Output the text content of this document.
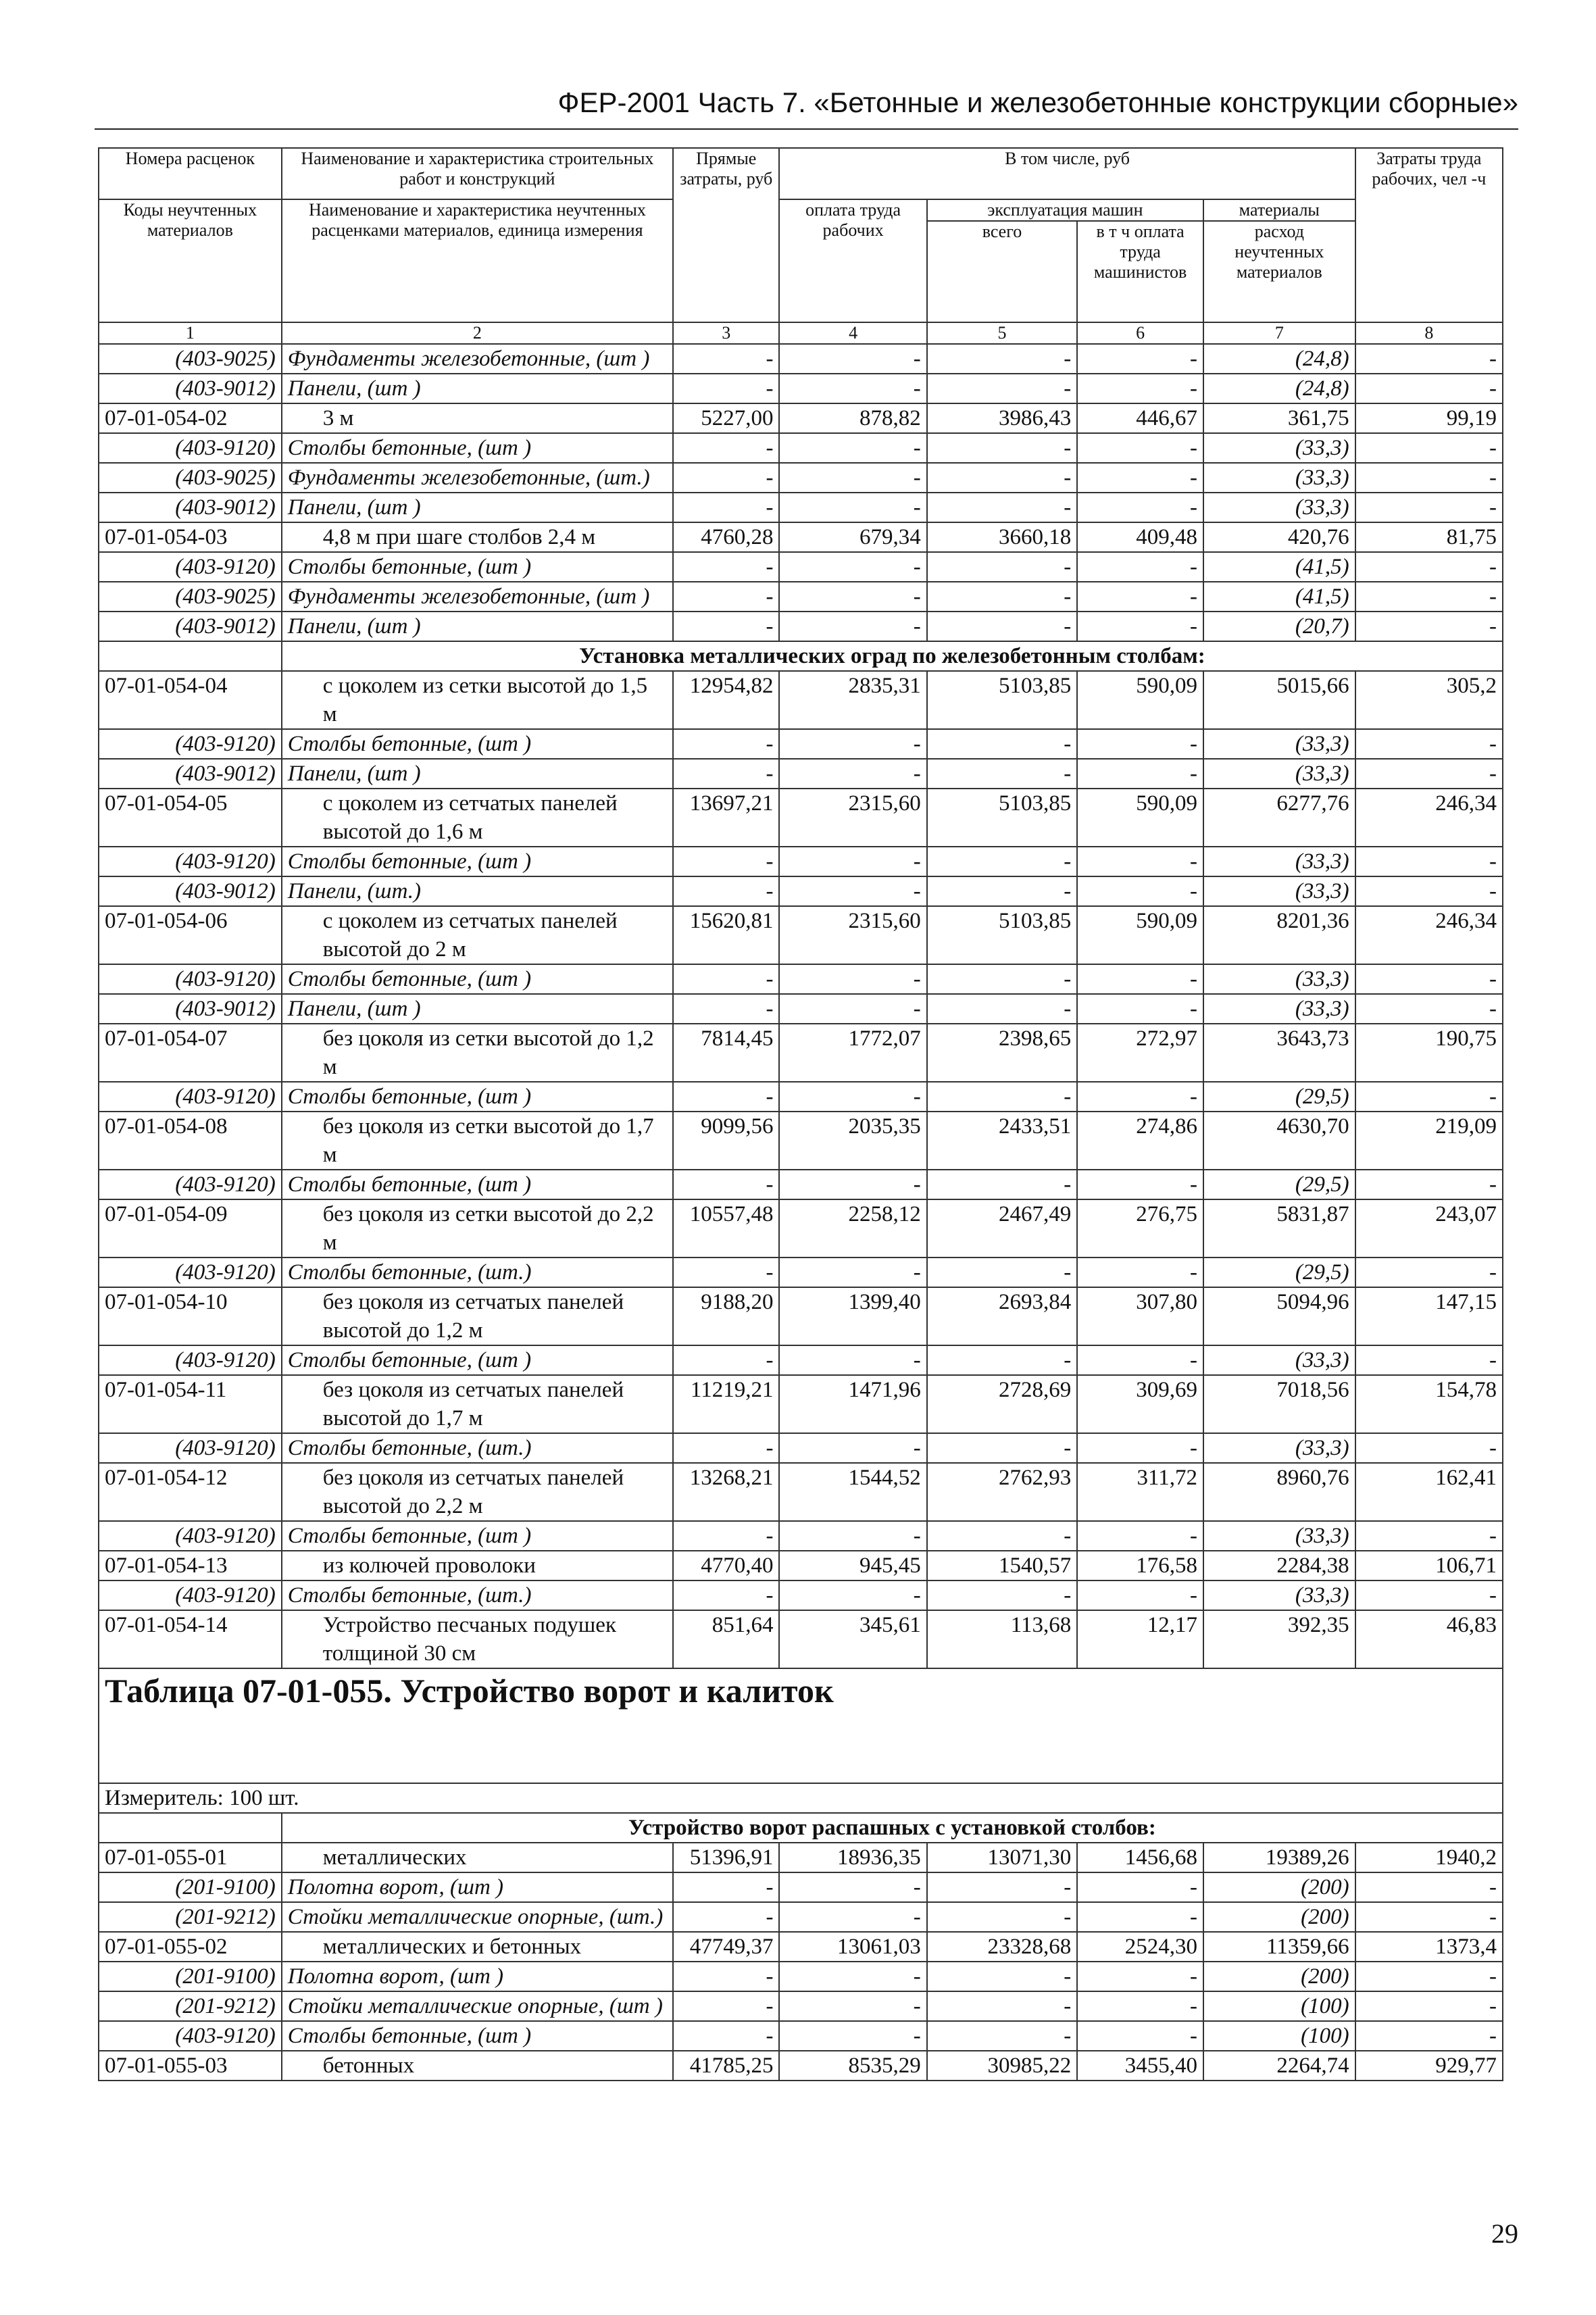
ФЕР-2001 Часть 7. «Бетонные и железобетонные конструкции сборные»
Номера расценок	Наименование и характеристика строительных работ и конструкций	Прямые затраты, руб	В том числе, руб				Затраты труда рабочих, чел -ч
Коды неучтенных материалов	Наименование и характеристика неучтенных расценками материалов, единица измерения		оплата труда рабочих	эксплуатация машин		материалы	
				всего	в т ч оплата труда машинистов	расход неучтенных материалов	
1	2	3	4	5	6	7	8
(403-9025)	Фундаменты железобетонные, (шт )	-	-	-	-	(24,8)	-
(403-9012)	Панели, (шт )	-	-	-	-	(24,8)	-
07-01-054-02	3 м	5227,00	878,82	3986,43	446,67	361,75	99,19
(403-9120)	Столбы бетонные, (шт )	-	-	-	-	(33,3)	-
(403-9025)	Фундаменты железобетонные, (шт.)	-	-	-	-	(33,3)	-
(403-9012)	Панели, (шт )	-	-	-	-	(33,3)	-
07-01-054-03	4,8 м при шаге столбов 2,4 м	4760,28	679,34	3660,18	409,48	420,76	81,75
(403-9120)	Столбы бетонные, (шт )	-	-	-	-	(41,5)	-
(403-9025)	Фундаменты железобетонные, (шт )	-	-	-	-	(41,5)	-
(403-9012)	Панели, (шт )	-	-	-	-	(20,7)	-
	Установка металлических оград по железобетонным столбам:						
07-01-054-04	с цоколем из сетки высотой до 1,5 м	12954,82	2835,31	5103,85	590,09	5015,66	305,2
(403-9120)	Столбы бетонные, (шт )	-	-	-	-	(33,3)	-
(403-9012)	Панели, (шт )	-	-	-	-	(33,3)	-
07-01-054-05	с цоколем из сетчатых панелей высотой до 1,6 м	13697,21	2315,60	5103,85	590,09	6277,76	246,34
(403-9120)	Столбы бетонные, (шт )	-	-	-	-	(33,3)	-
(403-9012)	Панели, (шт.)	-	-	-	-	(33,3)	-
07-01-054-06	с цоколем из сетчатых панелей высотой до 2 м	15620,81	2315,60	5103,85	590,09	8201,36	246,34
(403-9120)	Столбы бетонные, (шт )	-	-	-	-	(33,3)	-
(403-9012)	Панели, (шт )	-	-	-	-	(33,3)	-
07-01-054-07	без цоколя из сетки высотой до 1,2 м	7814,45	1772,07	2398,65	272,97	3643,73	190,75
(403-9120)	Столбы бетонные, (шт )	-	-	-	-	(29,5)	-
07-01-054-08	без цоколя из сетки высотой до 1,7 м	9099,56	2035,35	2433,51	274,86	4630,70	219,09
(403-9120)	Столбы бетонные, (шт )	-	-	-	-	(29,5)	-
07-01-054-09	без цоколя из сетки высотой до 2,2 м	10557,48	2258,12	2467,49	276,75	5831,87	243,07
(403-9120)	Столбы бетонные, (шт.)	-	-	-	-	(29,5)	-
07-01-054-10	без цоколя из сетчатых панелей высотой до 1,2 м	9188,20	1399,40	2693,84	307,80	5094,96	147,15
(403-9120)	Столбы бетонные, (шт )	-	-	-	-	(33,3)	-
07-01-054-11	без цоколя из сетчатых панелей высотой до 1,7 м	11219,21	1471,96	2728,69	309,69	7018,56	154,78
(403-9120)	Столбы бетонные, (шт.)	-	-	-	-	(33,3)	-
07-01-054-12	без цоколя из сетчатых панелей высотой до 2,2 м	13268,21	1544,52	2762,93	311,72	8960,76	162,41
(403-9120)	Столбы бетонные, (шт )	-	-	-	-	(33,3)	-
07-01-054-13	из колючей проволоки	4770,40	945,45	1540,57	176,58	2284,38	106,71
(403-9120)	Столбы бетонные, (шт.)	-	-	-	-	(33,3)	-
07-01-054-14	Устройство песчаных подушек толщиной 30 см	851,64	345,61	113,68	12,17	392,35	46,83
Таблица 07-01-055. Устройство ворот и калиток							
Измеритель: 100 шт.							
	Устройство ворот распашных с установкой столбов:						
07-01-055-01	металлических	51396,91	18936,35	13071,30	1456,68	19389,26	1940,2
(201-9100)	Полотна ворот, (шт )	-	-	-	-	(200)	-
(201-9212)	Стойки металлические опорные, (шт.)	-	-	-	-	(200)	-
07-01-055-02	металлических и бетонных	47749,37	13061,03	23328,68	2524,30	11359,66	1373,4
(201-9100)	Полотна ворот, (шт )	-	-	-	-	(200)	-
(201-9212)	Стойки металлические опорные, (шт )	-	-	-	-	(100)	-
(403-9120)	Столбы бетонные, (шт )	-	-	-	-	(100)	-
07-01-055-03	бетонных	41785,25	8535,29	30985,22	3455,40	2264,74	929,77
29
